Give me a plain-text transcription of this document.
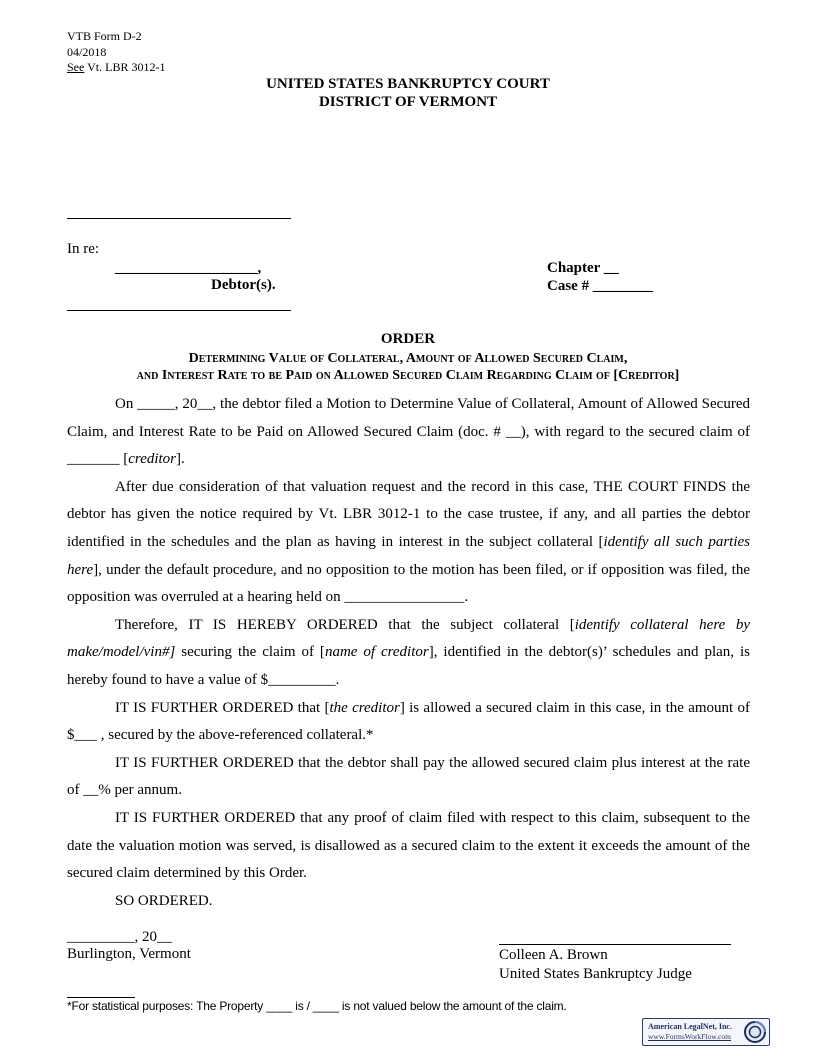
VTB Form D-2
04/2018
See Vt. LBR 3012-1
UNITED STATES BANKRUPTCY COURT
DISTRICT OF VERMONT
In re:
___________________,
Debtor(s).
Chapter __
Case # ________
ORDER
Determining Value of Collateral, Amount of Allowed Secured Claim,
and Interest Rate to be Paid on Allowed Secured Claim Regarding Claim of [Creditor]

On _____, 20__, the debtor filed a Motion to Determine Value of Collateral, Amount of Allowed Secured Claim, and Interest Rate to be Paid on Allowed Secured Claim (doc. # __), with regard to the secured claim of _______ [creditor].

After due consideration of that valuation request and the record in this case, THE COURT FINDS the debtor has given the notice required by Vt. LBR 3012-1 to the case trustee, if any, and all parties the debtor identified in the schedules and the plan as having in interest in the subject collateral [identify all such parties here], under the default procedure, and no opposition to the motion has been filed, or if opposition was filed, the opposition was overruled at a hearing held on ________________.

Therefore, IT IS HEREBY ORDERED that the subject collateral [identify collateral here by make/model/vin#] securing the claim of [name of creditor], identified in the debtor(s)’ schedules and plan, is hereby found to have a value of $_________.

IT IS FURTHER ORDERED that [the creditor] is allowed a secured claim in this case, in the amount of $___ , secured by the above-referenced collateral.*

IT IS FURTHER ORDERED that the debtor shall pay the allowed secured claim plus interest at the rate of __% per annum.

IT IS FURTHER ORDERED that any proof of claim filed with respect to this claim, subsequent to the date the valuation motion was served, is disallowed as a secured claim to the extent it exceeds the amount of the secured claim determined by this Order.

SO ORDERED.

_________, 20__
Burlington, Vermont	Colleen A. Brown
United States Bankruptcy Judge
*For statistical purposes: The Property ____ is / ____ is not valued below the amount of the claim.
American LegalNet, Inc.
www.FormsWorkFlow.com
